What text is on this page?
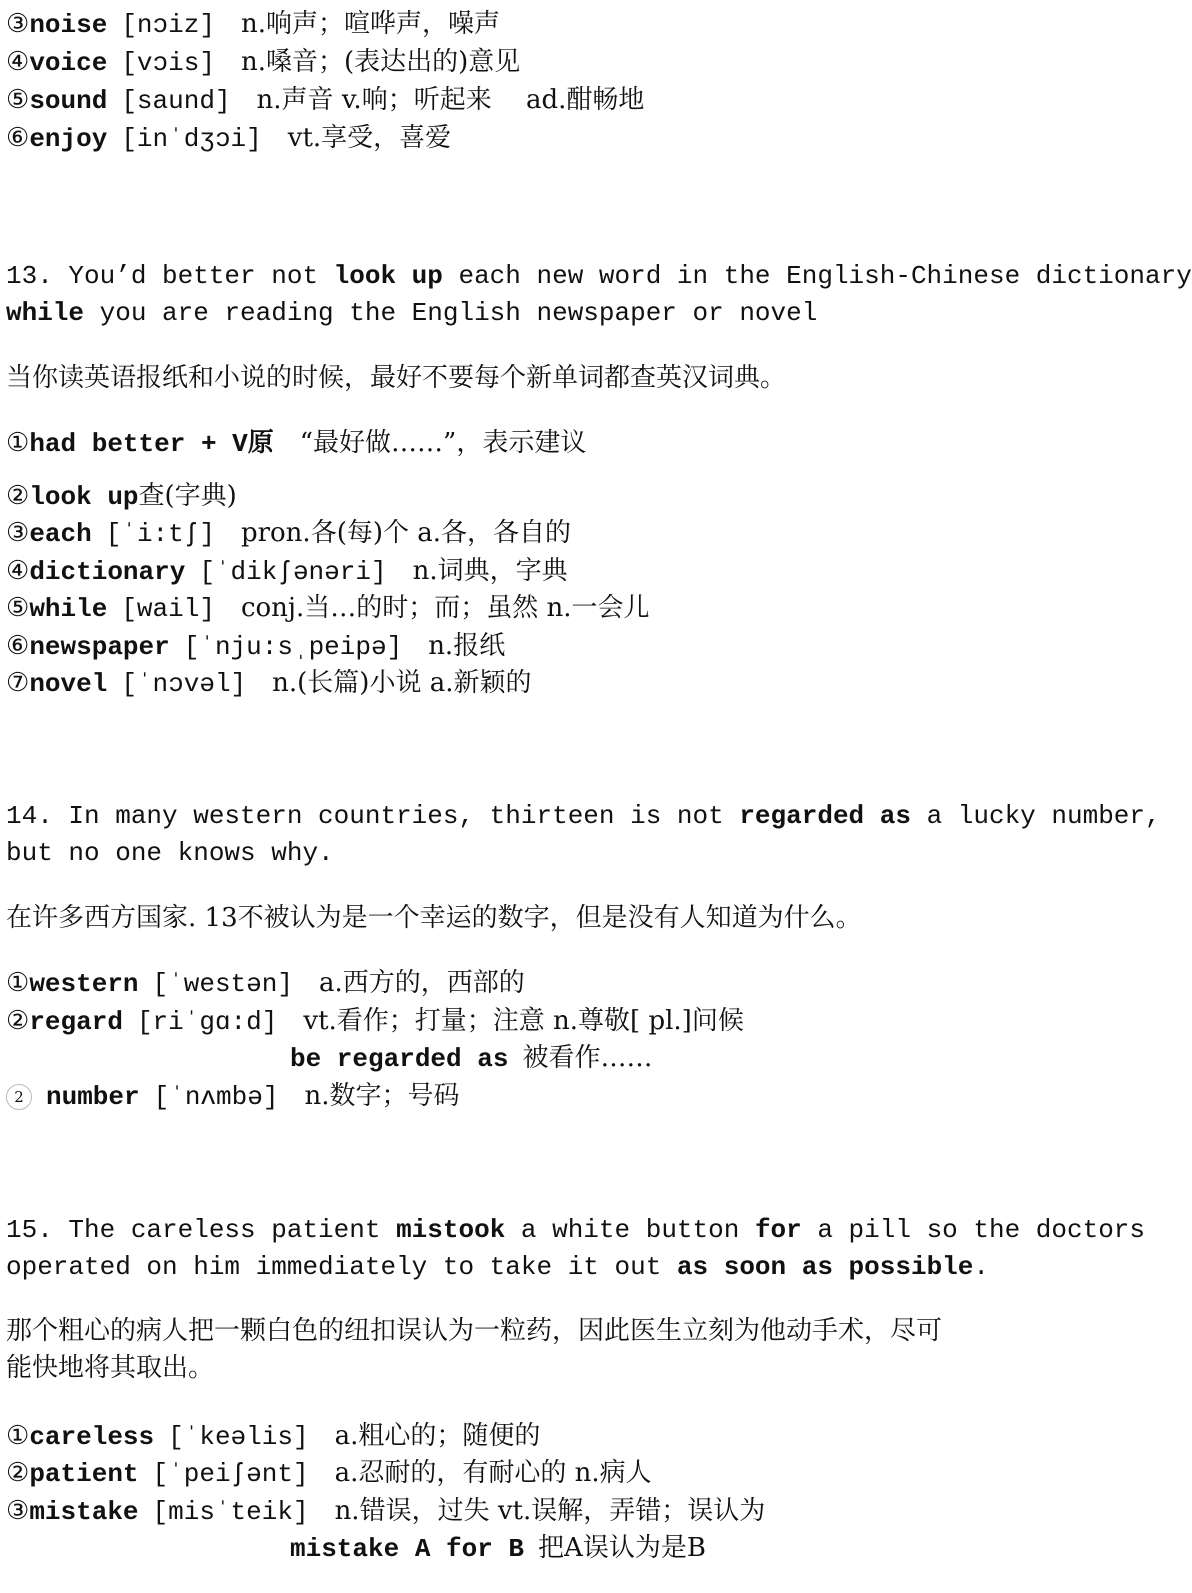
③noise [nɔiz] n.响声；喧哗声，噪声
④voice [vɔis] n.嗓音；(表达出的)意见
⑤sound [saund] n.声音 v.响；听起来　 ad.酣畅地
⑥enjoy [inˈdʒɔi] vt.享受，喜爱
13. You’d better not look up each new word in the English-Chinese dictionary
while you are reading the English newspaper or novel
当你读英语报纸和小说的时候，最好不要每个新单词都查英汉词典。
①had better + V原 “最好做……”，表示建议
②look up查(字典)
③each [ˈi:tʃ] pron.各(每)个 a.各，各自的
④dictionary [ˈdikʃənəri] n.词典，字典
⑤while [wail] conj.当…的时；而；虽然 n.一会儿
⑥newspaper [ˈnju:sˌpeipə] n.报纸
⑦novel [ˈnɔvəl] n.(长篇)小说 a.新颖的
14. In many western countries, thirteen is not regarded as a lucky number,
but no one knows why.
在许多西方国家. 13不被认为是一个幸运的数字，但是没有人知道为什么。
①western [ˈwestən] a.西方的，西部的
②regard [riˈgɑ:d] vt.看作；打量；注意 n.尊敬[ pl.]问候
be regarded as 被看作……
2 number [ˈnʌmbə] n.数字；号码
15. The careless patient mistook a white button for a pill so the doctors
operated on him immediately to take it out as soon as possible.
那个粗心的病人把一颗白色的纽扣误认为一粒药，因此医生立刻为他动手术，尽可
能快地将其取出。
①careless [ˈkeəlis] a.粗心的；随便的
②patient [ˈpeiʃənt] a.忍耐的，有耐心的 n.病人
③mistake [misˈteik] n.错误，过失 vt.误解，弄错；误认为
mistake A for B 把A误认为是B
